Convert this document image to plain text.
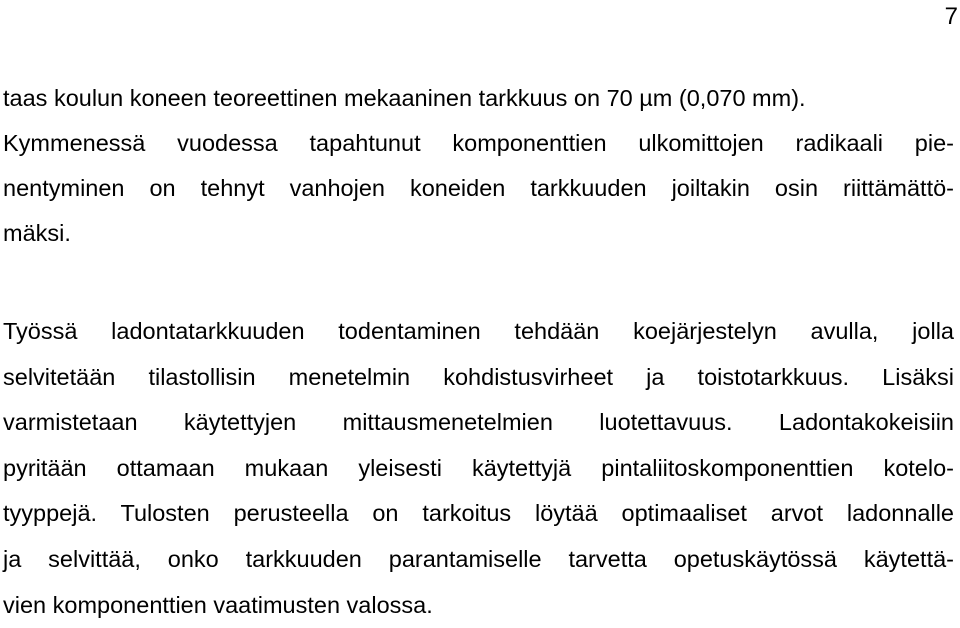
7
taas koulun koneen teoreettinen mekaaninen tarkkuus on 70 µm (0,070 mm).
Kymmenessä vuodessa tapahtunut komponenttien ulkomittojen radikaali pie-
nentyminen on tehnyt vanhojen koneiden tarkkuuden joiltakin osin riittämättö-
mäksi.
Työssä ladontatarkkuuden todentaminen tehdään koejärjestelyn avulla, jolla
selvitetään tilastollisin menetelmin kohdistusvirheet ja toistotarkkuus. Lisäksi
varmistetaan käytettyjen mittausmenetelmien luotettavuus. Ladontakokeisiin
pyritään ottamaan mukaan yleisesti käytettyjä pintaliitoskomponenttien kotelo-
tyyppejä. Tulosten perusteella on tarkoitus löytää optimaaliset arvot ladonnalle
ja selvittää, onko tarkkuuden parantamiselle tarvetta opetuskäytössä käytettä-
vien komponenttien vaatimusten valossa.
